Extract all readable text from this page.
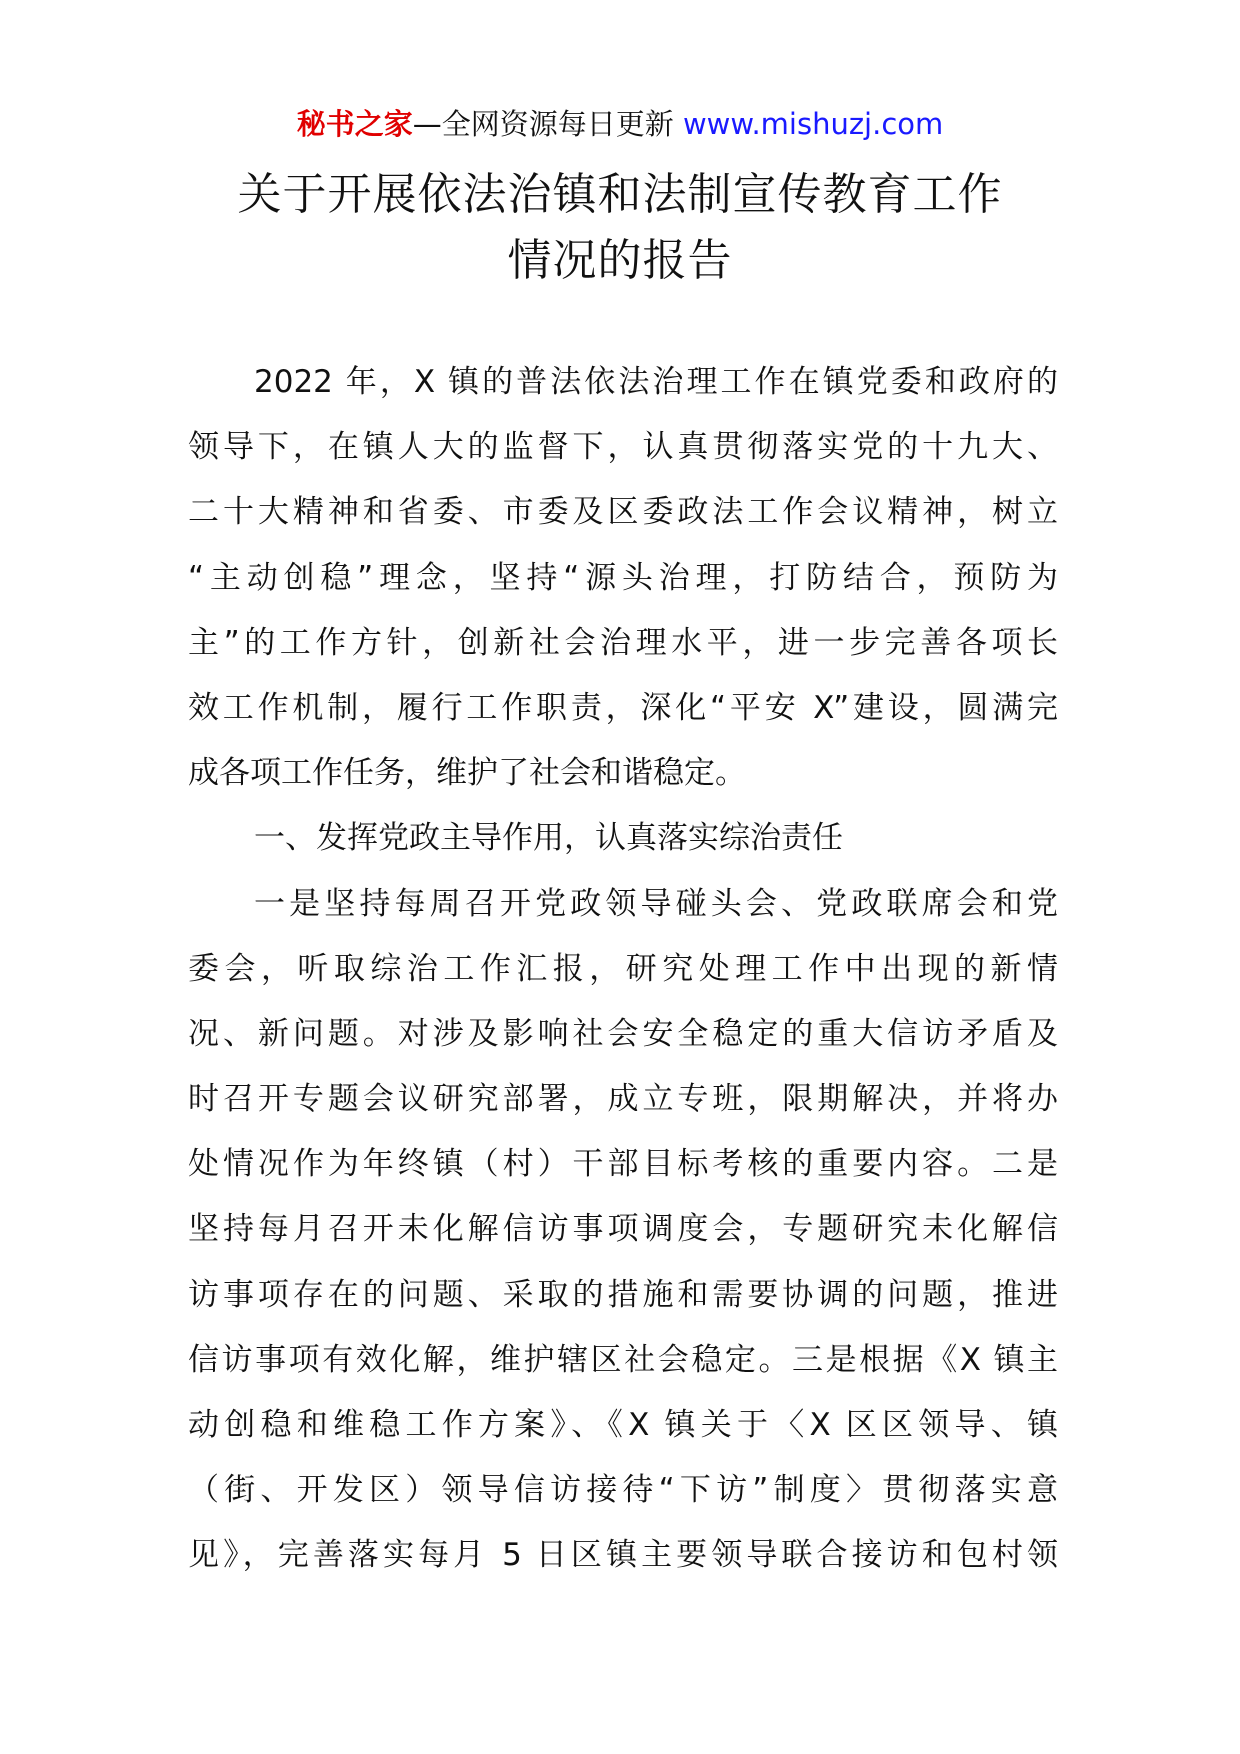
秘书之家—全网资源每日更新 www.mishuzj.com
关于开展依法治镇和法制宣传教育工作
情况的报告
2022 年，X 镇的普法依法治理工作在镇党委和政府的
领导下，在镇人大的监督下，认真贯彻落实党的十九大、
二十大精神和省委、市委及区委政法工作会议精神，树立
“主动创稳”理念，坚持“源头治理，打防结合，预防为
主”的工作方针，创新社会治理水平，进一步完善各项长
效工作机制，履行工作职责，深化“平安 X”建设，圆满完
成各项工作任务，维护了社会和谐稳定。
一、发挥党政主导作用，认真落实综治责任
一是坚持每周召开党政领导碰头会、党政联席会和党
委会，听取综治工作汇报，研究处理工作中出现的新情
况、新问题。对涉及影响社会安全稳定的重大信访矛盾及
时召开专题会议研究部署，成立专班，限期解决，并将办
处情况作为年终镇（村）干部目标考核的重要内容。二是
坚持每月召开未化解信访事项调度会，专题研究未化解信
访事项存在的问题、采取的措施和需要协调的问题，推进
信访事项有效化解，维护辖区社会稳定。三是根据《X 镇主
动创稳和维稳工作方案》、《X 镇关于〈X 区区领导、镇
（街、开发区）领导信访接待“下访”制度〉贯彻落实意
见》，完善落实每月 5 日区镇主要领导联合接访和包村领
